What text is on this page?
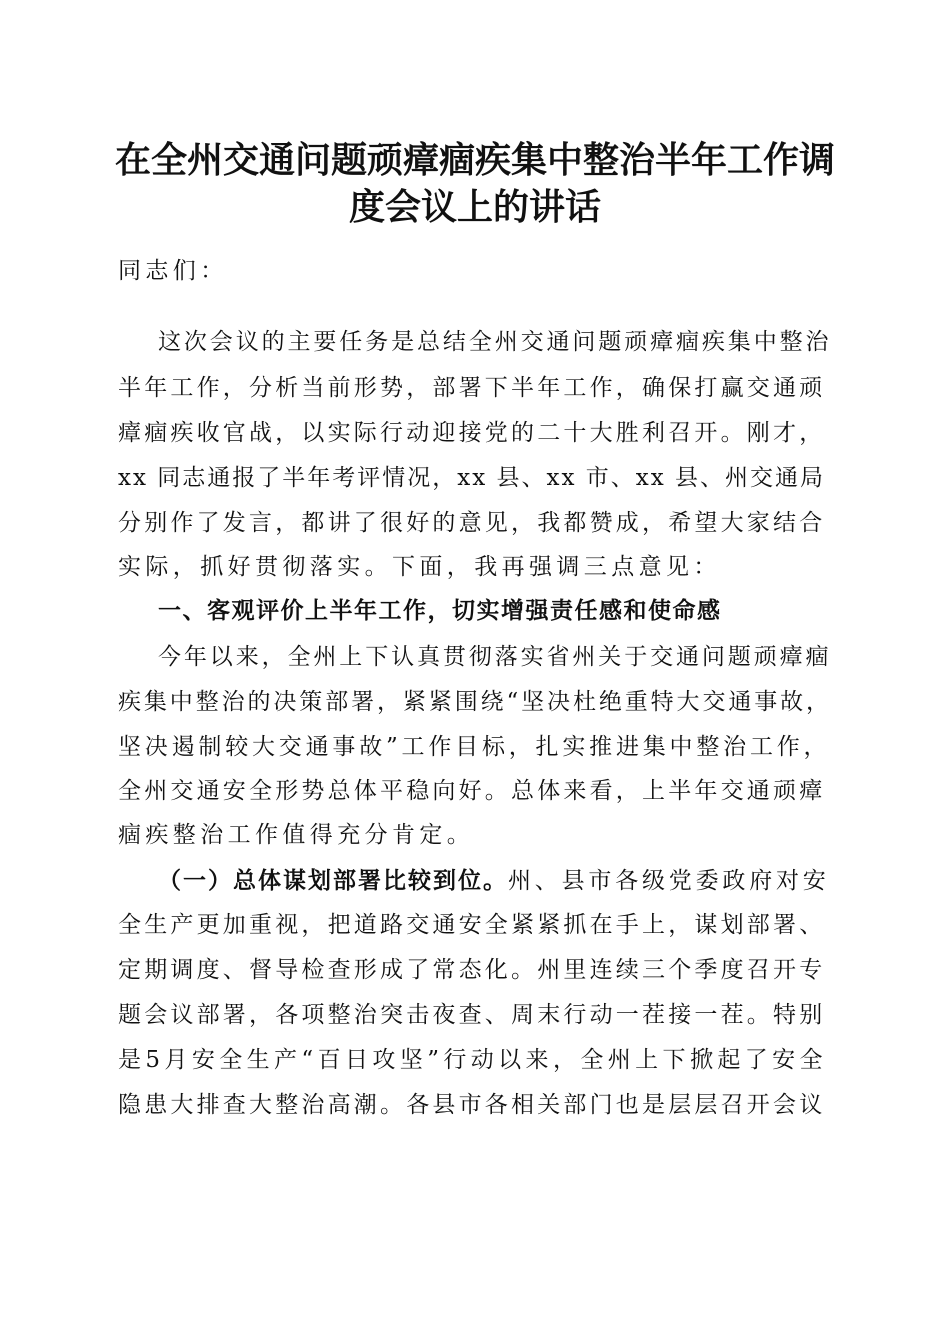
在全州交通问题顽瘴痼疾集中整治半年工作调
度会议上的讲话
同志们：
这次会议的主要任务是总结全州交通问题顽瘴痼疾集中整治
半年工作，分析当前形势，部署下半年工作，确保打赢交通顽
瘴痼疾收官战，以实际行动迎接党的二十大胜利召开。刚才，
xx 同志通报了半年考评情况，xx 县、xx 市、xx 县、州交通局
分别作了发言，都讲了很好的意见，我都赞成，希望大家结合
实际，抓好贯彻落实。下面，我再强调三点意见：
一、客观评价上半年工作，切实增强责任感和使命感
今年以来，全州上下认真贯彻落实省州关于交通问题顽瘴痼
疾集中整治的决策部署，紧紧围绕“坚决杜绝重特大交通事故，
坚决遏制较大交通事故”工作目标，扎实推进集中整治工作，
全州交通安全形势总体平稳向好。总体来看，上半年交通顽瘴
痼疾整治工作值得充分肯定。
（一）总体谋划部署比较到位。州、县市各级党委政府对安
全生产更加重视，把道路交通安全紧紧抓在手上，谋划部署、
定期调度、督导检查形成了常态化。州里连续三个季度召开专
题会议部署，各项整治突击夜查、周末行动一茬接一茬。特别
是5月安全生产“百日攻坚”行动以来，全州上下掀起了安全
隐患大排查大整治高潮。各县市各相关部门也是层层召开会议
